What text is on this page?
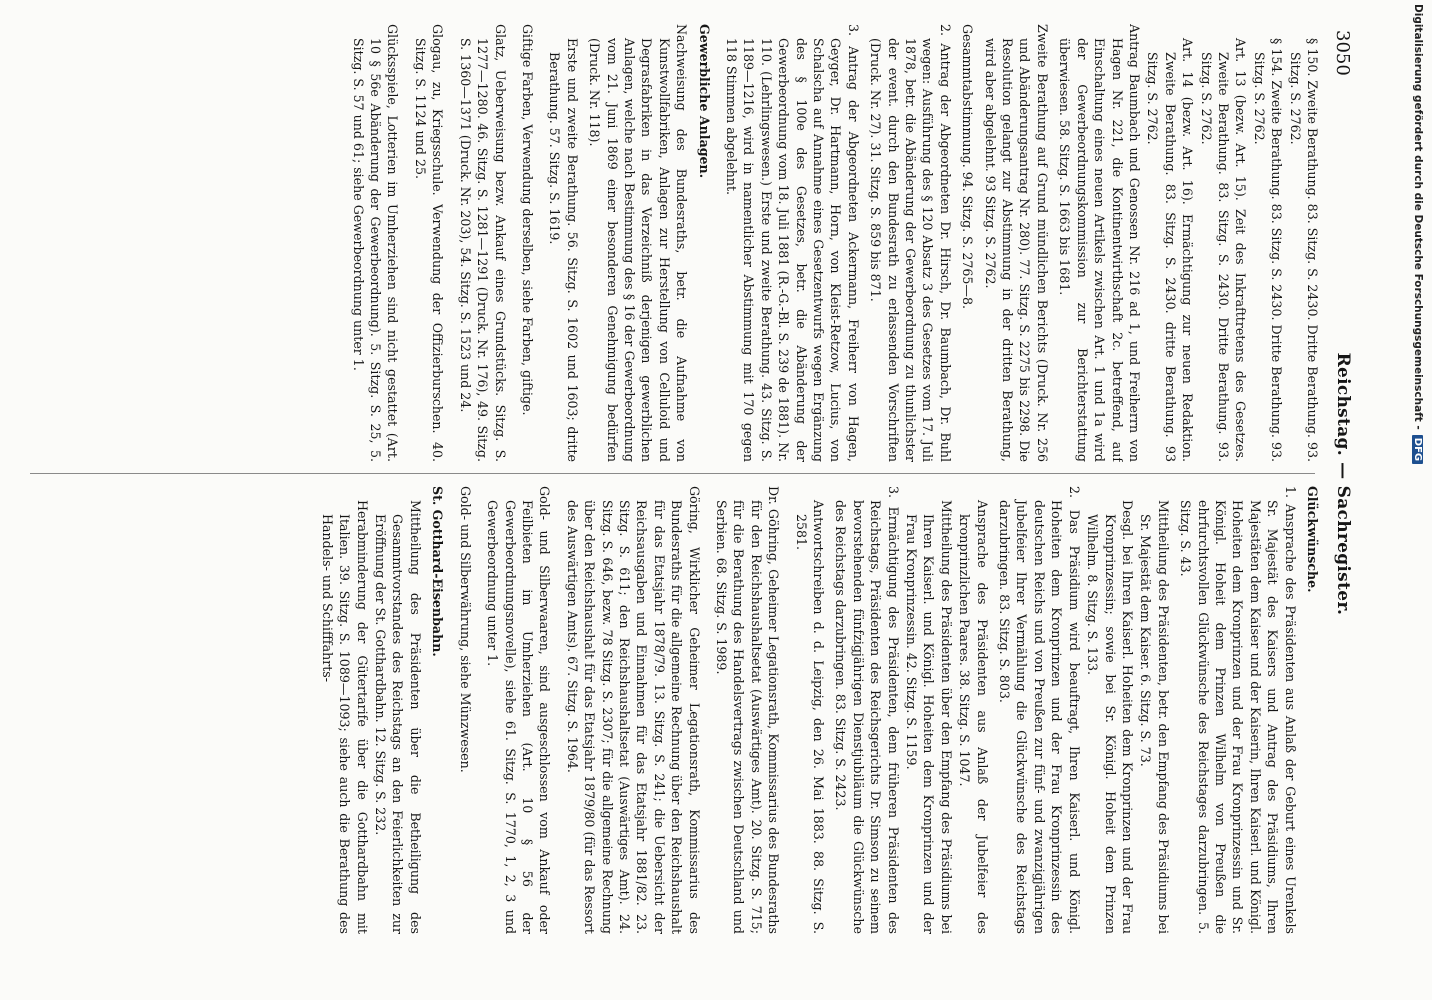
3050
Reichstag. — Sachregister.

§ 150. Zweite Berathung. 83. Sitzg. S. 2430. Dritte Berathung. 93. Sitzg. S. 2762.

§ 154. Zweite Berathung. 83. Sitzg. S. 2430. Dritte Berathung. 93. Sitzg. S. 2762.

Art. 13 (bezw. Art. 15). Zeit des Inkrafttretens des Gesetzes. Zweite Berathung. 83. Sitzg. S. 2430. Dritte Berathung. 93. Sitzg. S. 2762.

Art. 14 (bezw. Art. 16). Ermächtigung zur neuen Redaktion. Zweite Berathung. 83. Sitzg. S. 2430. dritte Berathung. 93 Sitzg. S. 2762.

Antrag Baumbach und Genossen Nr. 216 ad 1, und Freiherrn von Hagen Nr. 221, die Kontinentwirthschaft 2c. betreffend, auf Einschaltung eines neuen Artikels zwischen Art. 1 und 1a wird der Gewerbeordnungskommission zur Berichterstattung überwiesen. 58. Sitzg. S. 1663 bis 1681.

Zweite Berathung auf Grund mündlichen Berichts (Druck. Nr. 256 und Abänderungsantrag Nr. 280). 77. Sitzg. S. 2275 bis 2298. Die Resolution gelangt zur Abstimmung in der dritten Berathung, wird aber abgelehnt. 93 Sitzg. S. 2762.

Gesammtabstimmung. 94. Sitzg. S. 2765—8.

2. Antrag der Abgeordneten Dr. Hirsch, Dr. Baumbach, Dr. Buhl wegen: Ausführung des § 120 Absatz 3 des Gesetzes vom 17. Juli 1878, betr. die Abänderung der Gewerbeordnung zu thunlichster der event. durch den Bundesrath zu erlassenden Vorschriften (Druck. Nr. 27). 31. Sitzg. S. 859 bis 871.

3. Antrag der Abgeordneten Ackermann, Freiherr von Hagen, Geyger, Dr. Hartmann, Horn, von Kleist-Retzow, Lucius, von Schalscha auf Annahme eines Gesetzentwurfs wegen Ergänzung des § 100e des Gesetzes, betr. die Abänderung der Gewerbeordnung vom 18. Juli 1881 (R.-G.-Bl. S. 239 de 1881). Nr. 110. (Lehrlingswesen.) Erste und zweite Berathung. 43. Sitzg. S. 1189—1216, wird in namentlicher Abstimmung mit 170 gegen 118 Stimmen abgelehnt.

Gewerbliche Anlagen.

Nachweisung des Bundesraths, betr. die Aufnahme von Kunstwollfabriken, Anlagen zur Herstellung von Celluloid und Degrasfabriken in das Verzeichniß derjenigen gewerblichen Anlagen, welche nach Bestimmung des § 16 der Gewerbeordnung vom 21. Juni 1869 einer besonderen Genehmigung bedürfen (Druck. Nr. 118).

Erste und zweite Berathung. 56. Sitzg. S. 1602 und 1603; dritte Berathung. 57. Sitzg. S. 1619.

Giftige Farben, Verwendung derselben, siehe Farben, giftige.

Glatz, Ueberweisung bezw. Ankauf eines Grundstücks. Sitzg. S. 1277—1280. 46. Sitzg. S. 1281—1291 (Druck. Nr. 176), 49. Sitzg. S. 1360—1371 (Druck. Nr. 203), 54. Sitzg. S. 1523 und 24.

Glogau, zu, Kriegsschule. Verwendung der Offizierburschen. 40. Sitzg. S. 1124 und 25.

Glücksspiele, Lotterien im Umherziehen sind nicht gestattet (Art. 10 § 56e Abänderung der Gewerbeordnung). 5. Sitzg. S. 25, 5. Sitzg. S. 57 und 61; siehe Gewerbeordnung unter 1.

Glückwünsche.

1. Ansprache des Präsidenten aus Anlaß der Geburt eines Urenkels Sr. Majestät des Kaisers und Antrag des Präsidiums, Ihren Majestäten dem Kaiser und der Kaiserin, Ihren Kaiserl. und Königl. Hoheiten dem Kronprinzen und der Frau Kronprinzessin und Sr. Königl. Hoheit dem Prinzen Wilhelm von Preußen die ehrfurchtsvollen Glückwünsche des Reichstages darzubringen. 5. Sitzg. S. 43.

Mittheilung des Präsidenten, betr. den Empfang des Präsidiums bei Sr. Majestät dem Kaiser. 6. Sitzg. S. 73.

Desgl. bei Ihren Kaiserl. Hoheiten dem Kronprinzen und der Frau Kronprinzessin; sowie bei Sr. Königl. Hoheit dem Prinzen Wilhelm. 8. Sitzg. S. 133.

2. Das Präsidium wird beauftragt, Ihren Kaiserl. und Königl. Hoheiten dem Kronprinzen und der Frau Kronprinzessin des deutschen Reichs und von Preußen zur fünf- und zwanzigjährigen Jubelfeier Ihrer Vermählung die Glückwünsche des Reichstags darzubringen. 83. Sitzg. S. 803.

Ansprache des Präsidenten aus Anlaß der Jubelfeier des kronprinzlichen Paares. 38. Sitzg. S. 1047.

Mittheilung des Präsidenten über den Empfang des Präsidiums bei Ihren Kaiserl. und Königl. Hoheiten dem Kronprinzen und der Frau Kronprinzessin. 42. Sitzg. S. 1159.

3. Ermächtigung des Präsidenten, dem früheren Präsidenten des Reichstags, Präsidenten des Reichsgerichts Dr. Simson zu seinem bevorstehenden fünfzigjährigen Dienstjubiläum die Glückwünsche des Reichstags darzubringen. 83. Sitzg. S. 2423.

Antwortschreiben d. d. Leipzig, den 26. Mai 1883. 88. Sitzg. S. 2581.

Dr. Göhring, Geheimer Legationsrath, Kommissarius des Bundesraths für den Reichshaushaltsetat (Auswärtiges Amt). 20. Sitzg. S. 715; für die Berathung des Handelsvertrags zwischen Deutschland und Serbien. 68. Sitzg. S. 1989.

Göring, Wirklicher Geheimer Legationsrath, Kommissarius des Bundesraths für die allgemeine Rechnung über den Reichshaushalt für das Etatsjahr 1878/79. 13. Sitzg. S. 241; die Uebersicht der Reichsausgaben und Einnahmen für das Etatsjahr 1881/82. 23. Sitzg. S. 611; den Reichshaushaltsetat (Auswärtiges Amt). 24. Sitzg. S. 646, bezw. 78 Sitzg. S. 2307; für die allgemeine Rechnung über den Reichshaushalt für das Etatsjahr 1879/80 (für das Ressort des Auswärtigen Amts). 67. Sitzg. S. 1964.

Gold- und Silberwaaren, sind ausgeschlossen vom Ankauf oder Feilbieten im Umherziehen (Art. 10 § 56 der Gewerbeordnungsnovelle), siehe 61. Sitzg. S. 1770, 1, 2, 3 und Gewerbeordnung unter 1.

Gold- und Silberwährung, siehe Münzwesen.

St. Gotthard-Eisenbahn.

Mittheilung des Präsidenten über die Betheiligung des Gesammtvorstandes des Reichstags an den Feierlichkeiten zur Eröffnung der St. Gotthardbahn. 12. Sitzg. S. 232.

Herabminderung der Gütertarife über die Gotthardbahn mit Italien. 39. Sitzg. S. 1089—1093; siehe auch die Berathung des Handels- und Schifffahrts-

Digitalisierung gefördert durch die Deutsche Forschungsgemeinschaft -
DFG
